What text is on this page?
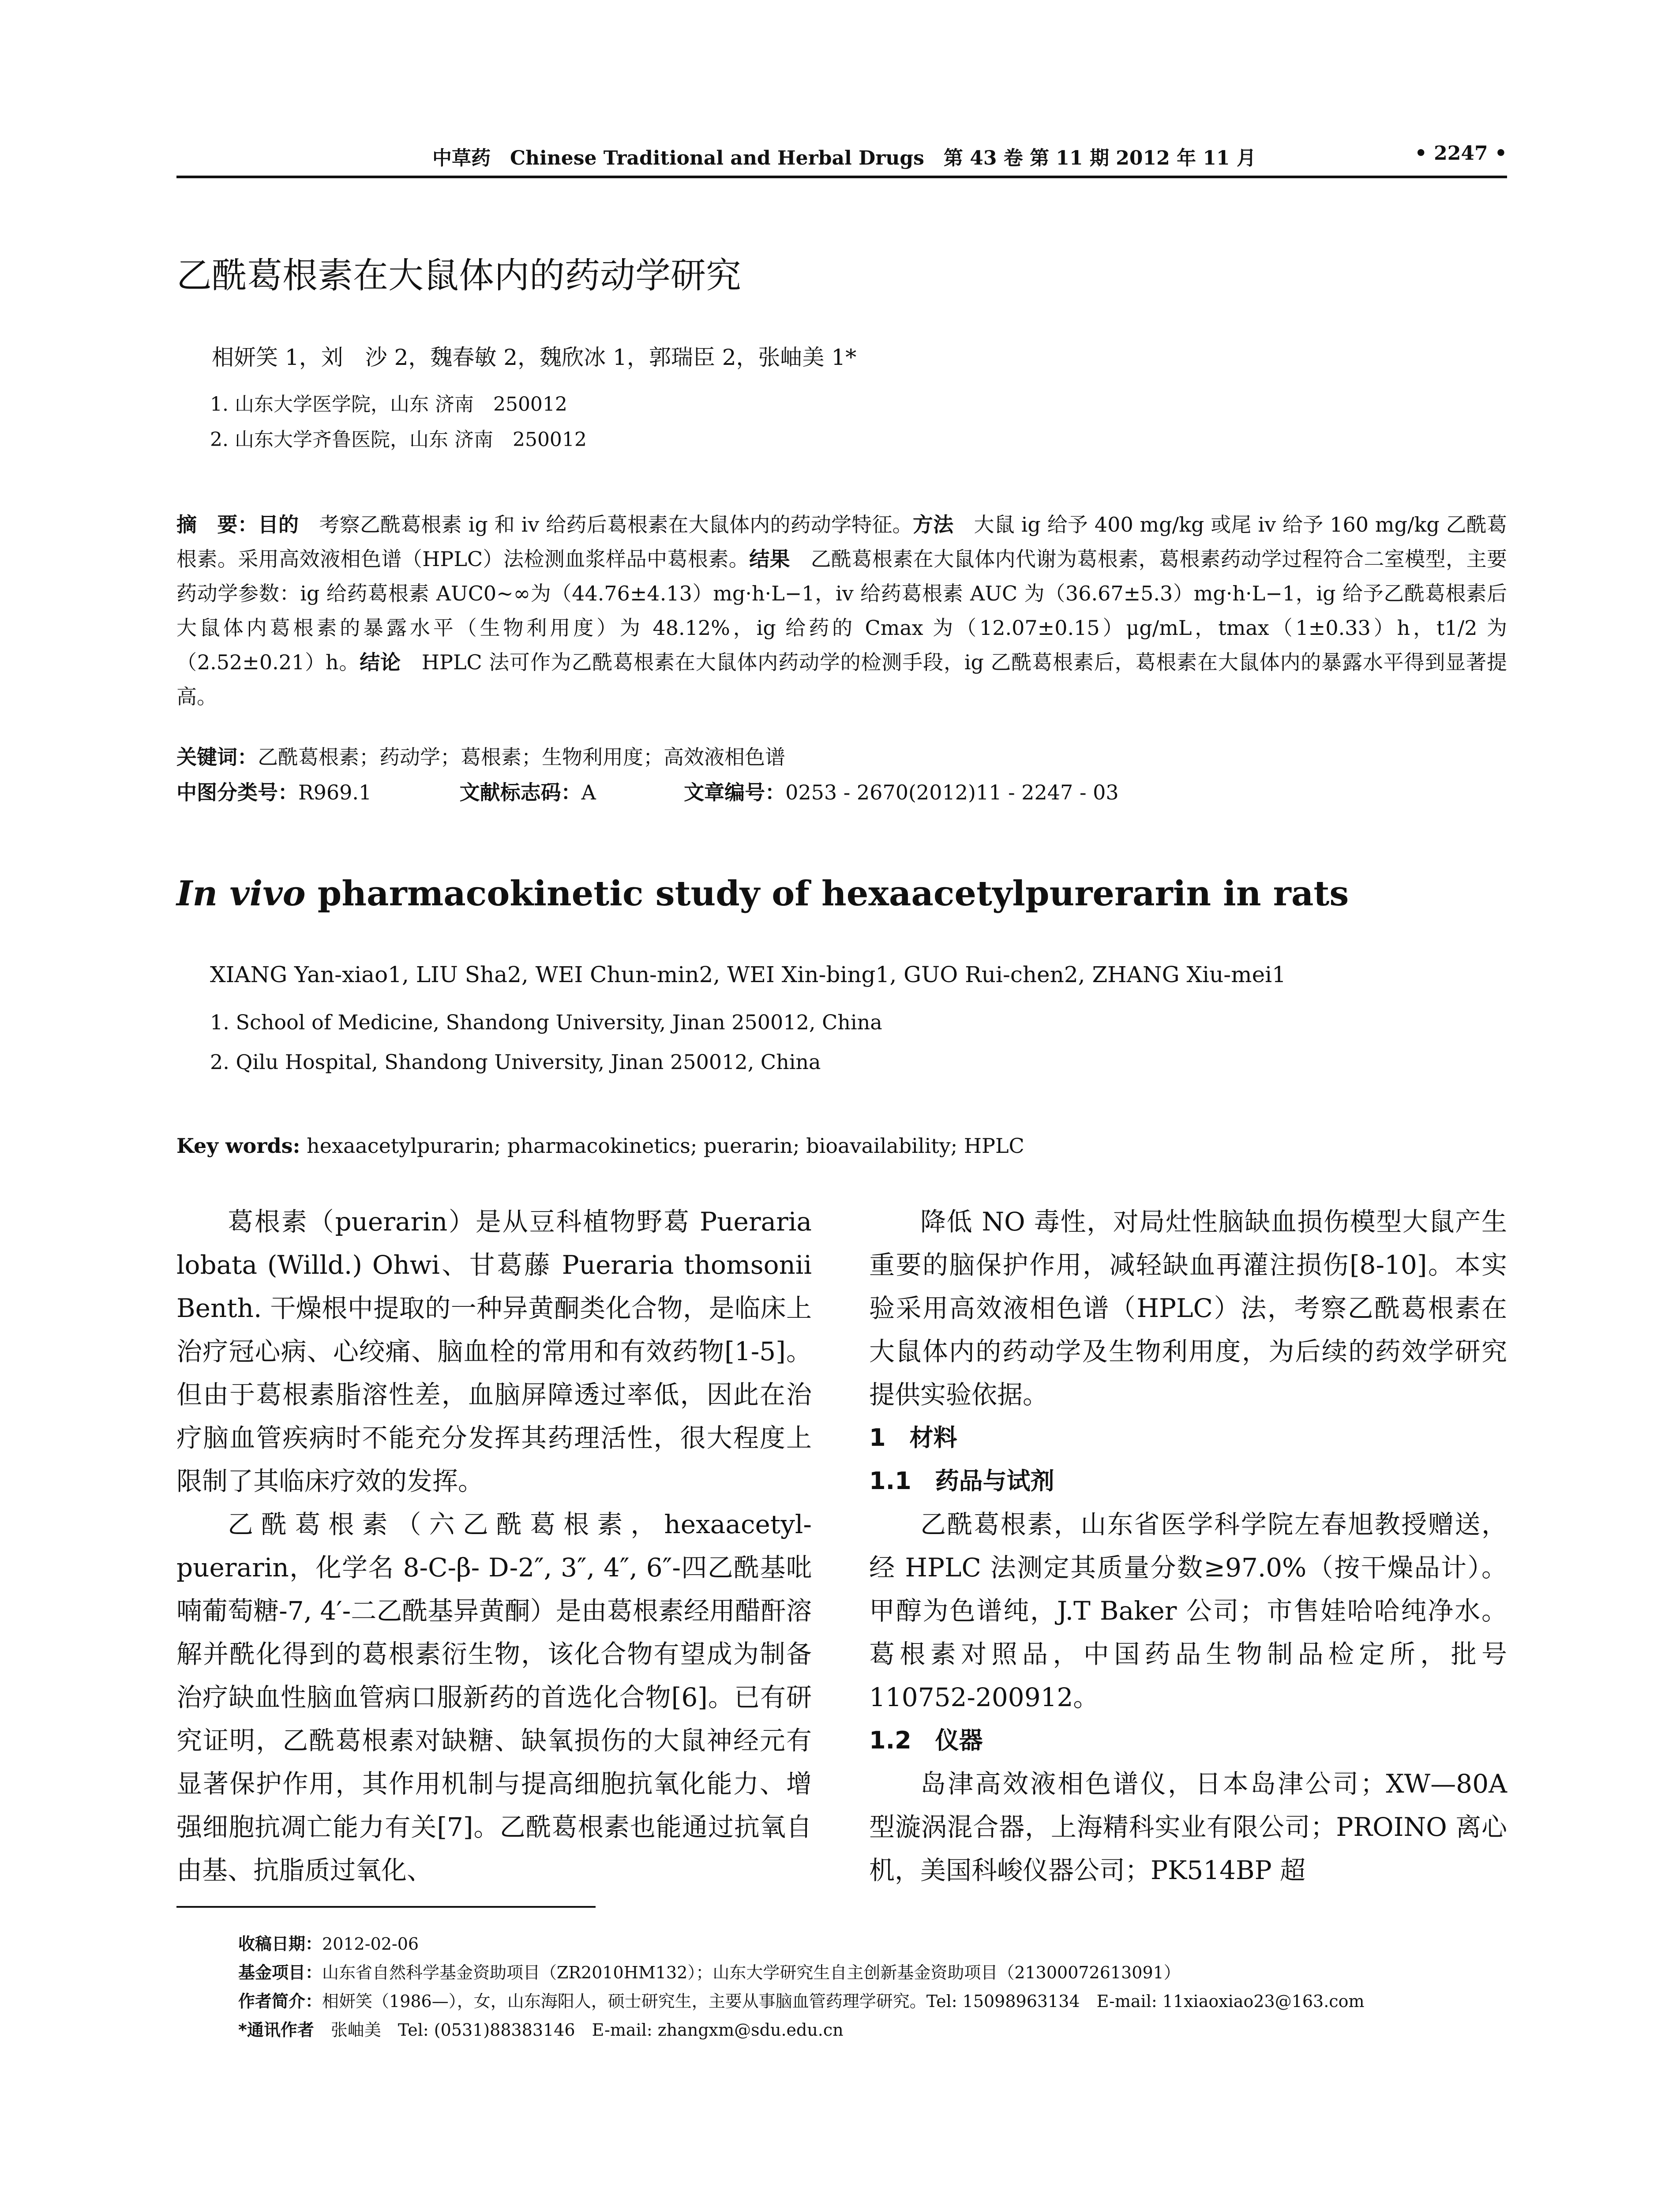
中草药　Chinese Traditional and Herbal Drugs　第 43 卷 第 11 期 2012 年 11 月	• 2247 •
乙酰葛根素在大鼠体内的药动学研究
相妍笑 1，刘　沙 2，魏春敏 2，魏欣冰 1，郭瑞臣 2，张岫美 1*
1. 山东大学医学院，山东 济南　250012
2. 山东大学齐鲁医院，山东 济南　250012
摘　要：目的　 考察乙酰葛根素 ig 和 iv 给药后葛根素在大鼠体内的药动学特征。方法　 大鼠 ig 给予 400 mg/kg 或尾 iv 给予 160 mg/kg 乙酰葛根素。采用高效液相色谱（HPLC）法检测血浆样品中葛根素。结果　 乙酰葛根素在大鼠体内代谢为葛根素，葛根素药动学过程符合二室模型，主要药动学参数：ig 给药葛根素 AUC0~∞为（44.76±4.13）mg·h·L−1，iv 给药葛根素 AUC 为（36.67±5.3）mg·h·L−1，ig 给予乙酰葛根素后大鼠体内葛根素的暴露水平（生物利用度）为 48.12%，ig 给药的 Cmax 为（12.07±0.15）μg/mL，tmax（1±0.33）h，t1/2 为（2.52±0.21）h。结论　 HPLC 法可作为乙酰葛根素在大鼠体内药动学的检测手段，ig 乙酰葛根素后，葛根素在大鼠体内的暴露水平得到显著提高。
关键词：乙酰葛根素；药动学；葛根素；生物利用度；高效液相色谱
中图分类号：R969.1	文献标志码：A	文章编号：0253 - 2670(2012)11 - 2247 - 03
In vivo pharmacokinetic study of hexaacetylpurerarin in rats
XIANG Yan-xiao1, LIU Sha2, WEI Chun-min2, WEI Xin-bing1, GUO Rui-chen2, ZHANG Xiu-mei1
1. School of Medicine, Shandong University, Jinan 250012, China
2. Qilu Hospital, Shandong University, Jinan 250012, China
Key words: hexaacetylpurarin; pharmacokinetics; puerarin; bioavailability; HPLC

葛根素（puerarin）是从豆科植物野葛 Pueraria lobata (Willd.) Ohwi、甘葛藤 Pueraria thomsonii Benth. 干燥根中提取的一种异黄酮类化合物，是临床上治疗冠心病、心绞痛、脑血栓的常用和有效药物[1-5]。但由于葛根素脂溶性差，血脑屏障透过率低，因此在治疗脑血管疾病时不能充分发挥其药理活性，很大程度上限制了其临床疗效的发挥。

乙酰葛根素（六乙酰葛根素，hexaacetyl-puerarin，化学名 8-C-β- D-2″, 3″, 4″, 6″-四乙酰基吡喃葡萄糖-7, 4′-二乙酰基异黄酮）是由葛根素经用醋酐溶解并酰化得到的葛根素衍生物，该化合物有望成为制备治疗缺血性脑血管病口服新药的首选化合物[6]。已有研究证明，乙酰葛根素对缺糖、缺氧损伤的大鼠神经元有显著保护作用，其作用机制与提高细胞抗氧化能力、增强细胞抗凋亡能力有关[7]。乙酰葛根素也能通过抗氧自由基、抗脂质过氧化、

降低 NO 毒性，对局灶性脑缺血损伤模型大鼠产生重要的脑保护作用，减轻缺血再灌注损伤[8-10]。本实验采用高效液相色谱（HPLC）法，考察乙酰葛根素在大鼠体内的药动学及生物利用度，为后续的药效学研究提供实验依据。

1　材料
1.1　药品与试剂

乙酰葛根素，山东省医学科学院左春旭教授赠送，经 HPLC 法测定其质量分数≥97.0%（按干燥品计）。甲醇为色谱纯，J.T Baker 公司；市售娃哈哈纯净水。葛根素对照品，中国药品生物制品检定所，批号 110752-200912。

1.2　仪器

岛津高效液相色谱仪，日本岛津公司；XW—80A 型漩涡混合器，上海精科实业有限公司；PROINO 离心机，美国科峻仪器公司；PK514BP 超

收稿日期：2012-02-06
基金项目：山东省自然科学基金资助项目（ZR2010HM132）；山东大学研究生自主创新基金资助项目（21300072613091）
作者简介：相妍笑（1986—），女，山东海阳人，硕士研究生，主要从事脑血管药理学研究。Tel: 15098963134　E-mail: 11xiaoxiao23@163.com
*通讯作者　张岫美　Tel: (0531)88383146　E-mail: zhangxm@sdu.edu.cn
